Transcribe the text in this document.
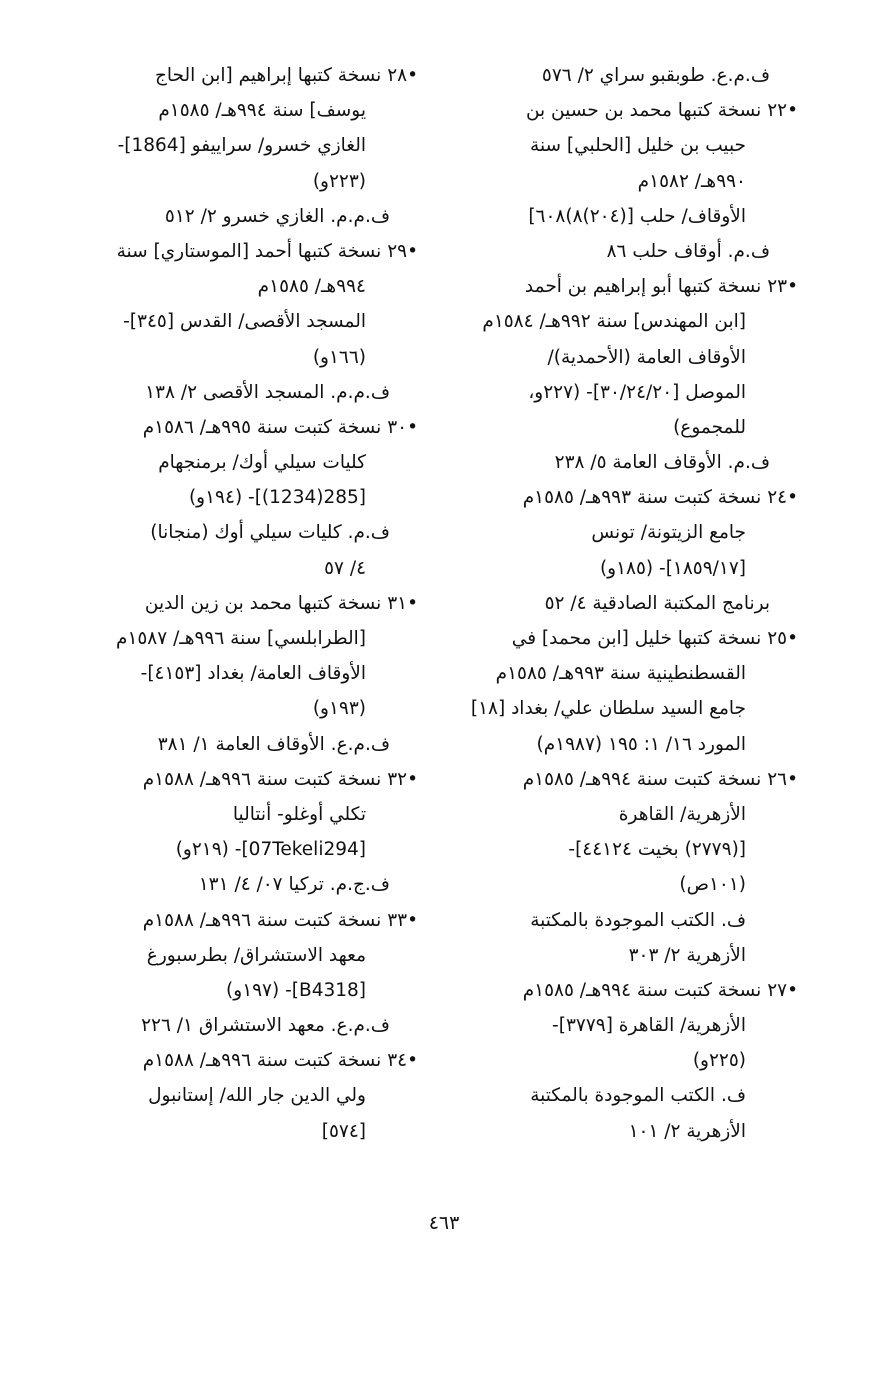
ف.م.ع. طوبقبو سراي ٢/ ٥٧٦
•٢٢ نسخة كتبها محمد بن حسين بن
حبيب بن خليل [الحلبي] سنة
٩٩٠هـ/ ١٥٨٢م
الأوقاف/ حلب [(٢٠٤)٨)٦٠٨]
ف.م. أوقاف حلب ٨٦
•٢٣ نسخة كتبها أبو إبراهيم بن أحمد
[ابن المهندس] سنة ٩٩٢هـ/ ١٥٨٤م
الأوقاف العامة (الأحمدية)/
الموصل [٣٠/٢٤/٢٠]- (٢٢٧و،
للمجموع)
ف.م. الأوقاف العامة ٥/ ٢٣٨
•٢٤ نسخة كتبت سنة ٩٩٣هـ/ ١٥٨٥م
جامع الزيتونة/ تونس
[١٨٥٩/١٧]- (١٨٥و)
برنامج المكتبة الصادقية ٤/ ٥٢
•٢٥ نسخة كتبها خليل [ابن محمد] في
القسطنطينية سنة ٩٩٣هـ/ ١٥٨٥م
جامع السيد سلطان علي/ بغداد [١٨]
المورد ١٦/ ١: ١٩٥ (١٩٨٧م)
•٢٦ نسخة كتبت سنة ٩٩٤هـ/ ١٥٨٥م
الأزهرية/ القاهرة
[(٢٧٧٩) بخيت ٤٤١٢٤]-
(١٠١ص)
ف. الكتب الموجودة بالمكتبة
الأزهرية ٢/ ٣٠٣
•٢٧ نسخة كتبت سنة ٩٩٤هـ/ ١٥٨٥م
الأزهرية/ القاهرة [٣٧٧٩]-
(٢٢٥و)
ف. الكتب الموجودة بالمكتبة
الأزهرية ٢/ ١٠١
•٢٨ نسخة كتبها إبراهيم [ابن الحاج
يوسف] سنة ٩٩٤هـ/ ١٥٨٥م
الغازي خسرو/ سراييفو [1864]-
(٢٢٣و)
ف.م.م. الغازي خسرو ٢/ ٥١٢
•٢٩ نسخة كتبها أحمد [الموستاري] سنة
٩٩٤هـ/ ١٥٨٥م
المسجد الأقصى/ القدس [٣٤٥]-
(١٦٦و)
ف.م.م. المسجد الأقصى ٢/ ١٣٨
•٣٠ نسخة كتبت سنة ٩٩٥هـ/ ١٥٨٦م
كليات سيلي أوك/ برمنجهام
[285(1234)]- (١٩٤و)
ف.م. كليات سيلي أوك (منجانا)
٤/ ٥٧
•٣١ نسخة كتبها محمد بن زين الدين
[الطرابلسي] سنة ٩٩٦هـ/ ١٥٨٧م
الأوقاف العامة/ بغداد [٤١٥٣]-
(١٩٣و)
ف.م.ع. الأوقاف العامة ١/ ٣٨١
•٣٢ نسخة كتبت سنة ٩٩٦هـ/ ١٥٨٨م
تكلي أوغلو- أنتاليا
[07Tekeli294]- (٢١٩و)
ف.ج.م. تركيا ٠٧/ ٤/ ١٣١
•٣٣ نسخة كتبت سنة ٩٩٦هـ/ ١٥٨٨م
معهد الاستشراق/ بطرسبورغ
[B4318]- (١٩٧و)
ف.م.ع. معهد الاستشراق ١/ ٢٢٦
•٣٤ نسخة كتبت سنة ٩٩٦هـ/ ١٥٨٨م
ولي الدين جار الله/ إستانبول
[٥٧٤]
٤٦٣
